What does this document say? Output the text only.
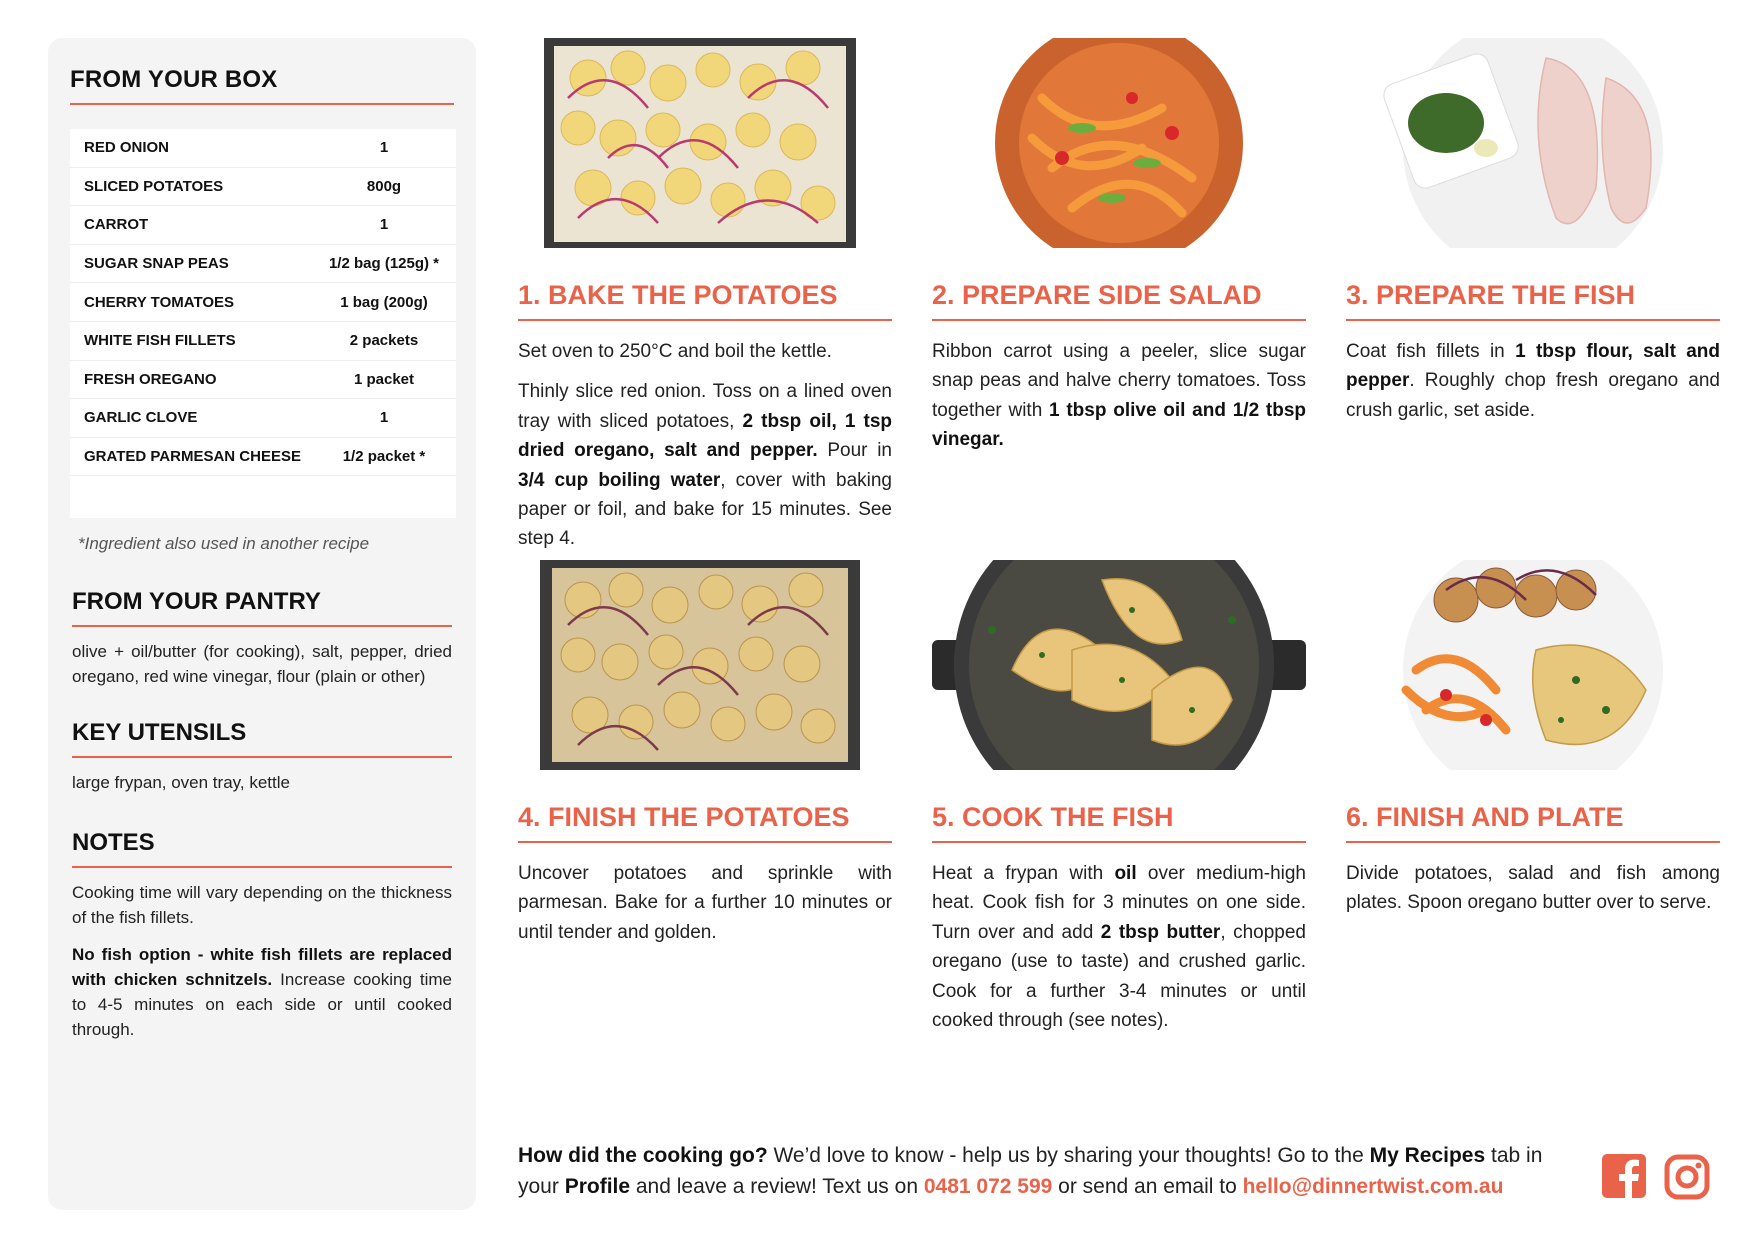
FROM YOUR BOX
RED ONION	1
SLICED POTATOES	800g
CARROT	1
SUGAR SNAP PEAS	1/2 bag (125g) *
CHERRY TOMATOES	1 bag (200g)
WHITE FISH FILLETS	2 packets
FRESH OREGANO	1 packet
GARLIC CLOVE	1
GRATED PARMESAN CHEESE	1/2 packet *
*Ingredient also used in another recipe
FROM YOUR PANTRY
olive + oil/butter (for cooking), salt, pepper, dried oregano, red wine vinegar, flour (plain or other)
KEY UTENSILS
large frypan, oven tray, kettle
NOTES
Cooking time will vary depending on the thickness of the fish fillets.
No fish option - white fish fillets are replaced with chicken schnitzels. Increase cooking time to 4-5 minutes on each side or until cooked through.
1. BAKE THE POTATOES

Set oven to 250°C and boil the kettle.

Thinly slice red onion. Toss on a lined oven tray with sliced potatoes, 2 tbsp oil, 1 tsp dried oregano, salt and pepper. Pour in 3/4 cup boiling water, cover with baking paper or foil, and bake for 15 minutes. See step 4.

2. PREPARE SIDE SALAD
Ribbon carrot using a peeler, slice sugar snap peas and halve cherry tomatoes. Toss together with 1 tbsp olive oil and 1/2 tbsp vinegar.
3. PREPARE THE FISH
Coat fish fillets in 1 tbsp flour, salt and pepper. Roughly chop fresh oregano and crush garlic, set aside.
4. FINISH THE POTATOES
Uncover potatoes and sprinkle with parmesan. Bake for a further 10 minutes or until tender and golden.
5. COOK THE FISH
Heat a frypan with oil over medium-high heat. Cook fish for 3 minutes on one side. Turn over and add 2 tbsp butter, chopped oregano (use to taste) and crushed garlic. Cook for a further 3-4 minutes or until cooked through (see notes).
6. FINISH AND PLATE
Divide potatoes, salad and fish among plates. Spoon oregano butter over to serve.
How did the cooking go? We’d love to know - help us by sharing your thoughts! Go to the My Recipes tab in your Profile and leave a review! Text us on 0481 072 599 or send an email to hello@dinnertwist.com.au
